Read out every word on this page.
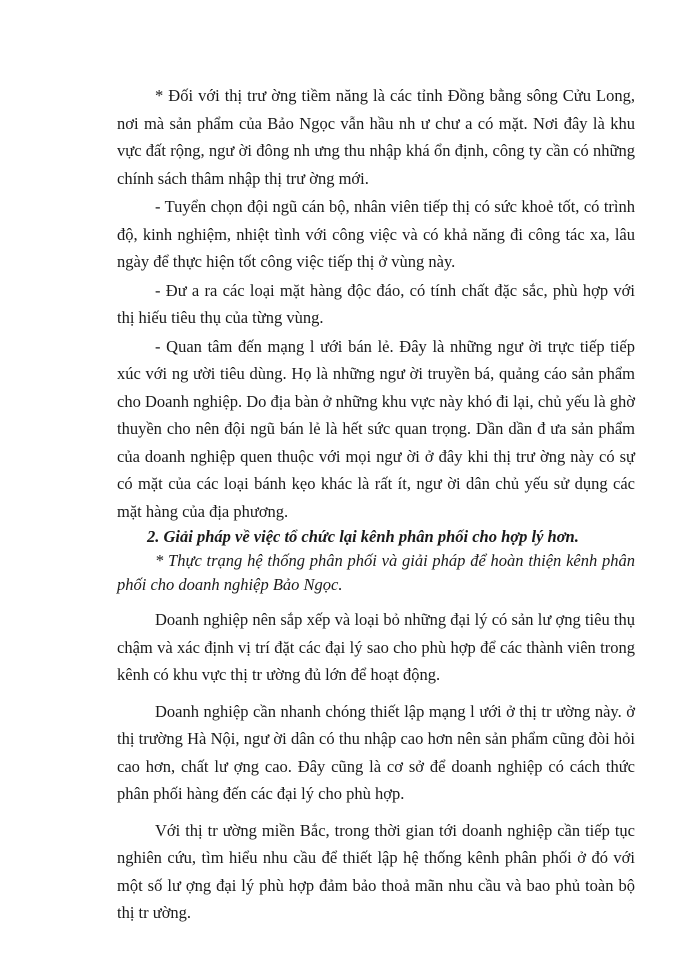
* Đối với thị trư ờng tiềm năng là các tỉnh Đồng bằng sông Cửu Long, nơi mà sản phẩm của Bảo Ngọc vẫn hầu nh ư chư a có mặt. Nơi đây là khu vực đất rộng, ngư ời đông nh ưng thu nhập khá ổn định, công ty cần có những chính sách thâm nhập thị trư ờng mới.

- Tuyển chọn đội ngũ cán bộ, nhân viên tiếp thị có sức khoẻ tốt, có trình độ, kinh nghiệm, nhiệt tình với công việc và có khả năng đi công tác xa, lâu ngày để thực hiện tốt công việc tiếp thị ở vùng này.

- Đư a ra các loại mặt hàng độc đáo, có tính chất đặc sắc, phù hợp với thị hiếu tiêu thụ của từng vùng.

- Quan tâm đến mạng l ưới bán lẻ. Đây là những ngư ời trực tiếp tiếp xúc với ng ười tiêu dùng. Họ là những ngư ời truyền bá, quảng cáo sản phẩm cho Doanh nghiệp. Do địa bàn ở những khu vực này khó đi lại, chủ yếu là ghờ thuyền cho nên đội ngũ bán lẻ là hết sức quan trọng. Dần dần đ ưa sản phẩm của doanh nghiệp quen thuộc với mọi ngư ời ở đây khi thị trư ờng này có sự có mặt của các loại bánh kẹo khác là rất ít, ngư ời dân chủ yếu sử dụng các mặt hàng của địa phương.

2. Giải pháp về việc tổ chức lại kênh phân phối cho hợp lý hơn.

* Thực trạng hệ thống phân phối và giải pháp để hoàn thiện kênh phân phối cho doanh nghiệp Bảo Ngọc.

Doanh nghiệp nên sắp xếp và loại bỏ những đại lý có sản lư ợng tiêu thụ chậm và xác định vị trí đặt các đại lý sao cho phù hợp để các thành viên trong kênh có khu vực thị tr ường đủ lớn để hoạt động.

Doanh nghiệp cần nhanh chóng thiết lập mạng l ưới ở thị tr ường này. ở thị trường Hà Nội, ngư ời dân có thu nhập cao hơn nên sản phẩm cũng đòi hỏi cao hơn, chất lư ợng cao. Đây cũng là cơ sở để doanh nghiệp có cách thức phân phối hàng đến các đại lý cho phù hợp.

Với thị tr ường miền Bắc, trong thời gian tới doanh nghiệp cần tiếp tục nghiên cứu, tìm hiểu nhu cầu để thiết lập hệ thống kênh phân phối ở đó với một số lư ợng đại lý phù hợp đảm bảo thoả mãn nhu cầu và bao phủ toàn bộ thị tr ường.
